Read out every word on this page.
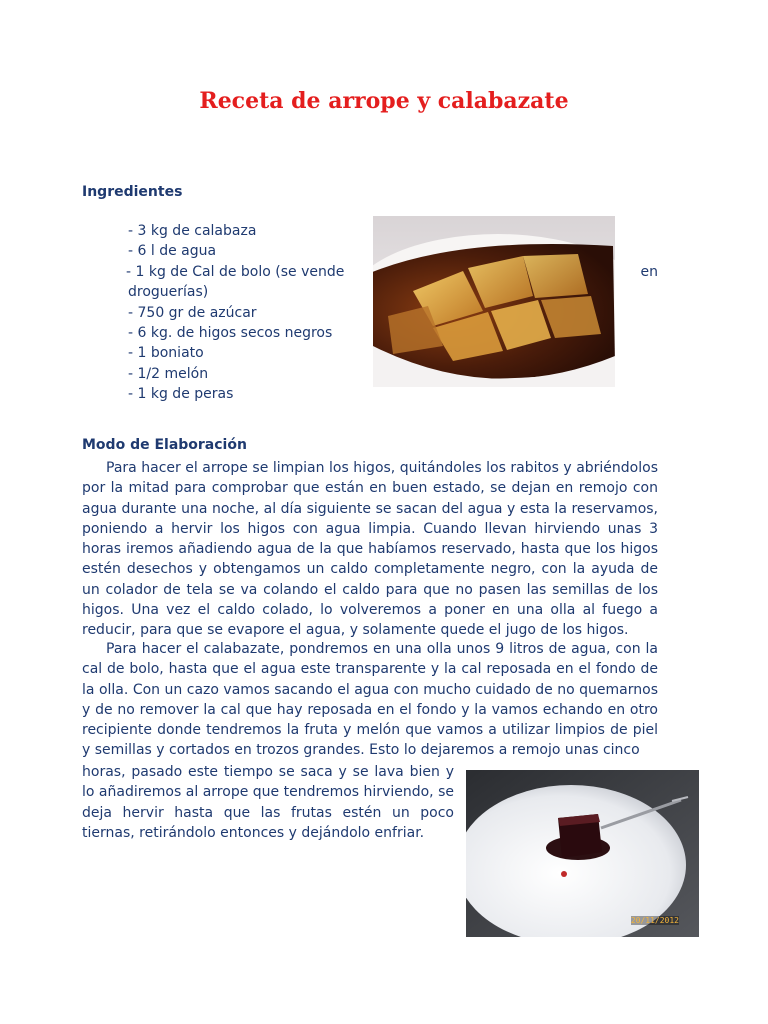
Receta de arrope y calabazate
Ingredientes
- 3 kg de calabaza
- 6 l de agua
- 1 kg de Cal de bolo (se vende	en
droguerías)
- 750 gr de azúcar
- 6 kg. de higos secos negros
- 1 boniato
- 1/2 melón
- 1 kg de peras
Modo de Elaboración

Para hacer el arrope se limpian los higos, quitándoles los rabitos y abriéndolos por la mitad para comprobar que están en buen estado, se dejan en remojo con agua durante una noche, al día siguiente se sacan del agua y esta la reservamos, poniendo a hervir los higos con agua limpia. Cuando llevan hirviendo unas 3 horas iremos añadiendo agua de la que habíamos reservado, hasta que los higos estén desechos y obtengamos un caldo completamente negro, con la ayuda de un colador de tela se va colando el caldo para que no pasen las semillas de los higos. Una vez el caldo colado, lo volveremos a poner en una olla al fuego a reducir, para que se evapore el agua, y solamente quede el jugo de los higos.

Para hacer el calabazate, pondremos en una olla unos 9 litros de agua, con la cal de bolo, hasta que el agua este transparente y la cal reposada en el fondo de la olla. Con un cazo vamos sacando el agua con mucho cuidado de no quemarnos y de no remover la cal que hay reposada en el fondo y la vamos echando en otro recipiente donde tendremos la fruta y melón que vamos a utilizar limpios de piel y semillas y cortados en trozos grandes. Esto lo dejaremos a remojo unas cinco

horas, pasado este tiempo se saca y se lava bien y lo añadiremos al arrope que tendremos hirviendo, se deja hervir hasta que las frutas estén un poco tiernas, retirándolo entonces y dejándolo enfriar.

20/11/2012
